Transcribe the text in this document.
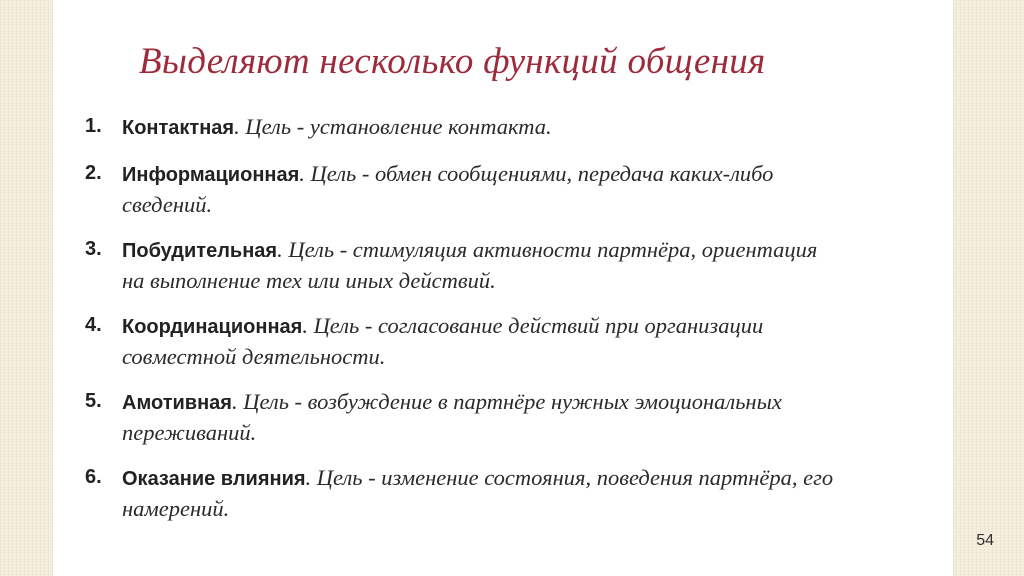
Выделяют несколько функций общения
1.	Контактная. Цель - установление контакта.
2.	Информационная. Цель - обмен сообщениями, передача каких-либо сведений.
3.	Побудительная. Цель - стимуляция активности партнёра, ориентация на выполнение тех или иных действий.
4.	Координационная. Цель - согласование действий при организации совместной деятельности.
5.	Амотивная. Цель - возбуждение в партнёре нужных эмоциональных переживаний.
6.	Оказание влияния. Цель - изменение состояния, поведения партнёра, его намерений.
54
